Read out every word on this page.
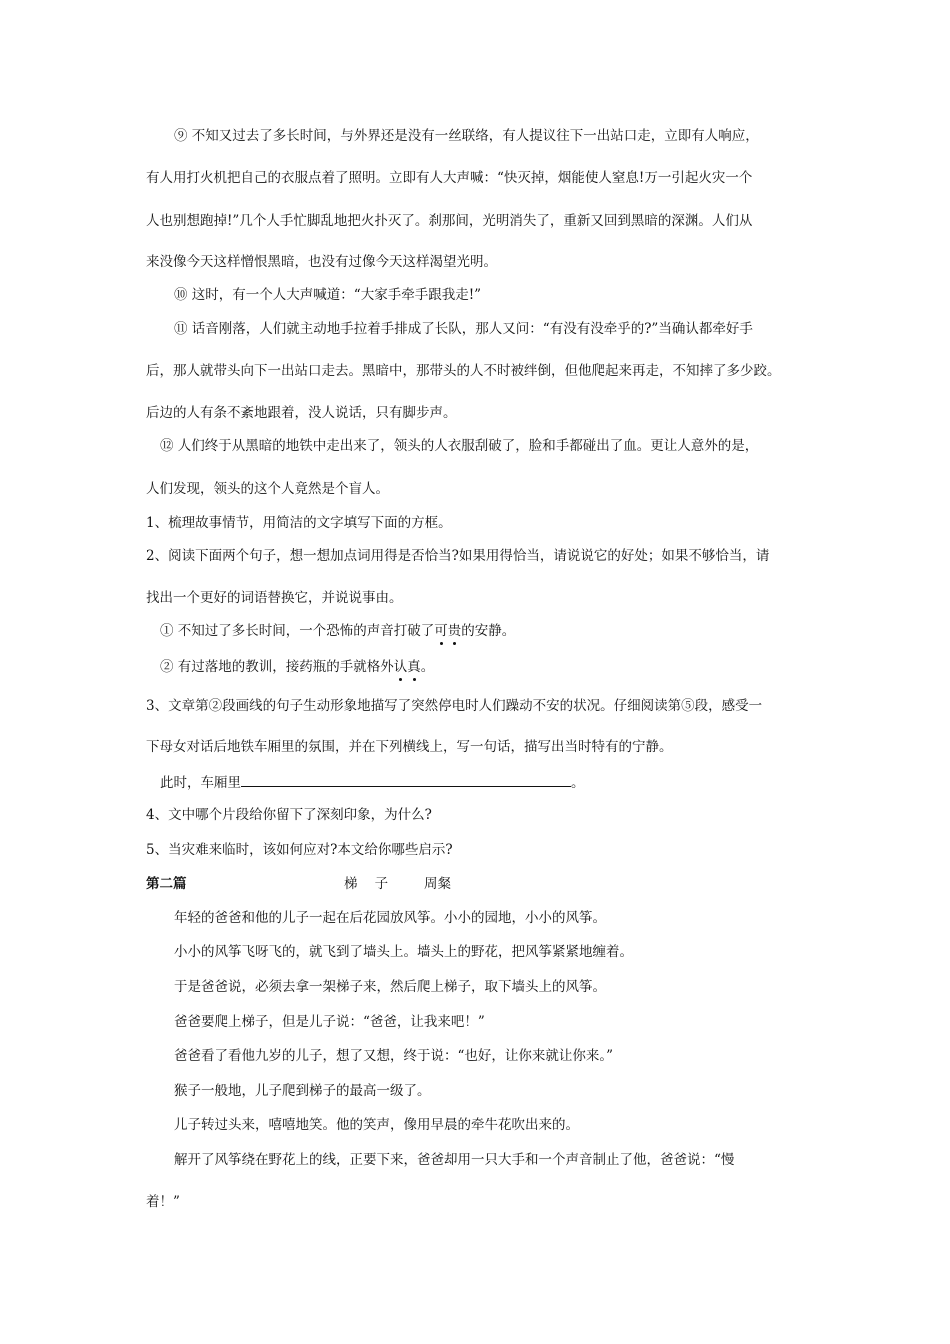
⑨ 不知又过去了多长时间，与外界还是没有一丝联络，有人提议往下一出站口走，立即有人响应，
有人用打火机把自己的衣服点着了照明。立即有人大声喊：“快灭掉，烟能使人窒息!万一引起火灾一个
人也别想跑掉!”几个人手忙脚乱地把火扑灭了。刹那间，光明消失了，重新又回到黑暗的深渊。人们从
来没像今天这样憎恨黑暗，也没有过像今天这样渴望光明。
⑩ 这时，有一个人大声喊道：“大家手牵手跟我走!”
⑪ 话音刚落，人们就主动地手拉着手排成了长队，那人又问：“有没有没牵乎的?”当确认都牵好手
后，那人就带头向下一出站口走去。黑暗中，那带头的人不时被绊倒，但他爬起来再走，不知摔了多少跤。
后边的人有条不紊地跟着，没人说话，只有脚步声。
⑫ 人们终于从黑暗的地铁中走出来了，领头的人衣服刮破了，脸和手都碰出了血。更让人意外的是，
人们发现，领头的这个人竟然是个盲人。
1、梳理故事情节，用简洁的文字填写下面的方框。
2、阅读下面两个句子，想一想加点词用得是否恰当?如果用得恰当，请说说它的好处；如果不够恰当，请
找出一个更好的词语替换它，并说说事由。
① 不知过了多长时间，一个恐怖的声音打破了可贵的安静。
② 有过落地的教训，接药瓶的手就格外认真。
3、文章第②段画线的句子生动形象地描写了突然停电时人们躁动不安的状况。仔细阅读第⑤段，感受一
下母女对话后地铁车厢里的氛围，并在下列横线上，写一句话，描写出当时特有的宁静。
此时，车厢里	。
4、文中哪个片段给你留下了深刻印象，为什么?
5、当灾难来临时，该如何应对?本文给你哪些启示?
第二篇	梯    子	周粲
年轻的爸爸和他的儿子一起在后花园放风筝。小小的园地，小小的风筝。
小小的风筝飞呀飞的，就飞到了墙头上。墙头上的野花，把风筝紧紧地缠着。
于是爸爸说，必须去拿一架梯子来，然后爬上梯子，取下墙头上的风筝。
爸爸要爬上梯子，但是儿子说：“爸爸，让我来吧！”
爸爸看了看他九岁的儿子，想了又想，终于说：“也好，让你来就让你来。”
猴子一般地，儿子爬到梯子的最高一级了。
儿子转过头来，嘻嘻地笑。他的笑声，像用早晨的牵牛花吹出来的。
解开了风筝绕在野花上的线，正要下来，爸爸却用一只大手和一个声音制止了他，爸爸说：“慢
着！”
